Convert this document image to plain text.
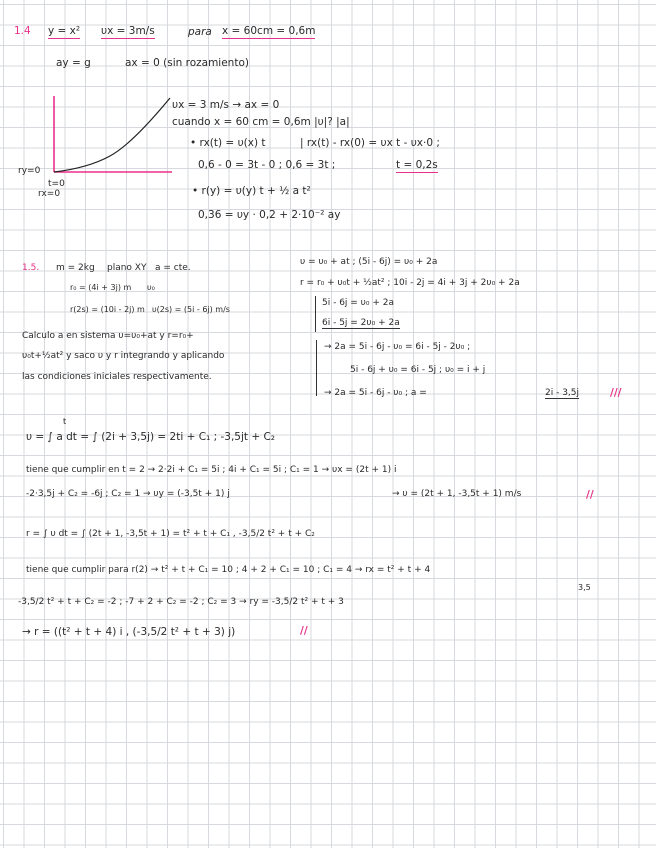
1.4 y = x² υx = 3m/s	para x = 60cm = 0,6m
ay = g	ax = 0 (sin rozamiento)
ry=0
t=0
rx=0
υx = 3 m/s → ax = 0
cuando x = 60 cm = 0,6m |υ|? |a|
• rx(t) = υ(x) t	| rx(t) - rx(0) = υx t - υx·0 ;
0,6 - 0 = 3t - 0 ; 0,6 = 3t ;	t = 0,2s
• r(y) = υ(y) t + ½ a t²
0,36 = υy · 0,2 + 2·10⁻² ay
1.5. m = 2kg plano XY a = cte.
r₀ = (4i + 3j) m υ₀
r(2s) = (10i - 2j) m υ(2s) = (5i - 6j) m/s
Calculo a en sistema υ=υ₀+at y r=r₀+
υ₀t+½at² y saco υ y r integrando y aplicando
las condiciones iniciales respectivamente.
υ = υ₀ + at ; (5i - 6j) = υ₀ + 2a
r = r₀ + υ₀t + ½at² ; 10i - 2j = 4i + 3j + 2υ₀ + 2a
5i - 6j = υ₀ + 2a
6i - 5j = 2υ₀ + 2a
→ 2a = 5i - 6j - υ₀ = 6i - 5j - 2υ₀ ;
5i - 6j + υ₀ = 6i - 5j ; υ₀ = i + j
→ 2a = 5i - 6j - υ₀ ; a =	2i - 3,5j	///
t
υ = ∫ a dt = ∫ (2i + 3,5j) = 2ti + C₁ ; -3,5jt + C₂
tiene que cumplir en t = 2 → 2·2i + C₁ = 5i ; 4i + C₁ = 5i ; C₁ = 1 → υx = (2t + 1) i
-2·3,5j + C₂ = -6j ; C₂ = 1 → υy = (-3,5t + 1) j	→ υ = (2t + 1, -3,5t + 1) m/s	//
r = ∫ υ dt = ∫ (2t + 1, -3,5t + 1) = t² + t + C₁ , -3,5/2 t² + t + C₂
tiene que cumplir para r(2) → t² + t + C₁ = 10 ; 4 + 2 + C₁ = 10 ; C₁ = 4 → rx = t² + t + 4
3,5
-3,5/2 t² + t + C₂ = -2 ; -7 + 2 + C₂ = -2 ; C₂ = 3 → ry = -3,5/2 t² + t + 3
→ r = ((t² + t + 4) i , (-3,5/2 t² + t + 3) j)	//
